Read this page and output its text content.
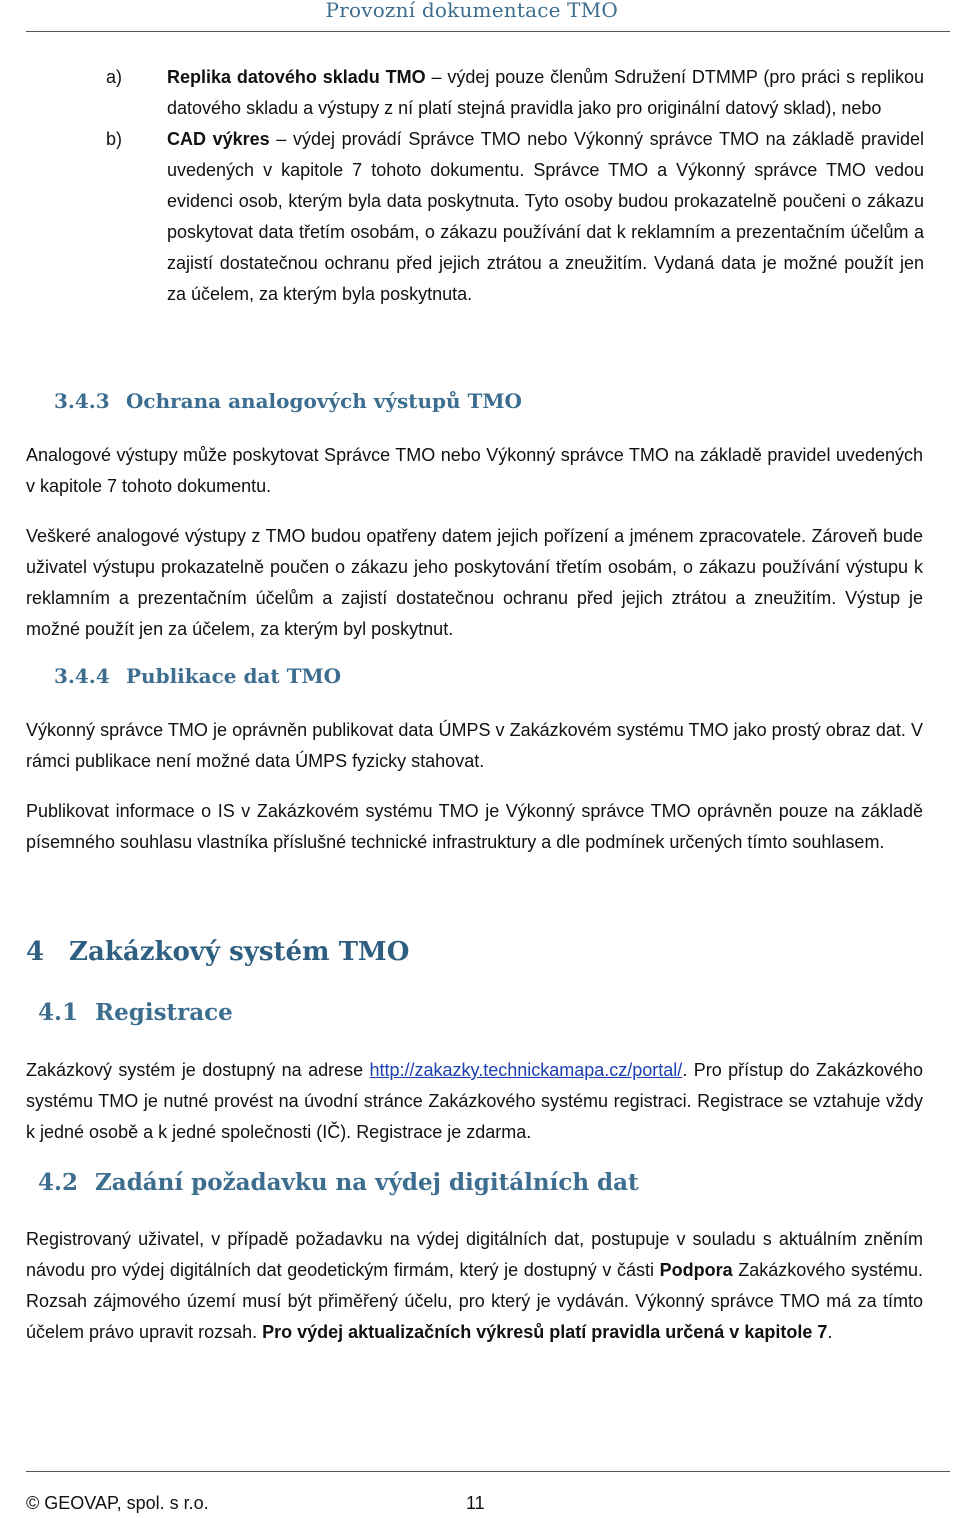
Provozní dokumentace TMO
a) Replika datového skladu TMO – výdej pouze členům Sdružení DTMMP (pro práci s replikou datového skladu a výstupy z ní platí stejná pravidla jako pro originální datový sklad), nebo
b) CAD výkres – výdej provádí Správce TMO nebo Výkonný správce TMO na základě pravidel uvedených v kapitole 7 tohoto dokumentu. Správce TMO a Výkonný správce TMO vedou evidenci osob, kterým byla data poskytnuta. Tyto osoby budou prokazatelně poučeni o zákazu poskytovat data třetím osobám, o zákazu používání dat k reklamním a prezentačním účelům a zajistí dostatečnou ochranu před jejich ztrátou a zneužitím. Vydaná data je možné použít jen za účelem, za kterým byla poskytnuta.
3.4.3 Ochrana analogových výstupů TMO
Analogové výstupy může poskytovat Správce TMO nebo Výkonný správce TMO na základě pravidel uvedených v kapitole 7 tohoto dokumentu.
Veškeré analogové výstupy z TMO budou opatřeny datem jejich pořízení a jménem zpracovatele. Zároveň bude uživatel výstupu prokazatelně poučen o zákazu jeho poskytování třetím osobám, o zákazu používání výstupu k reklamním a prezentačním účelům a zajistí dostatečnou ochranu před jejich ztrátou a zneužitím. Výstup je možné použít jen za účelem, za kterým byl poskytnut.
3.4.4 Publikace dat TMO
Výkonný správce TMO je oprávněn publikovat data ÚMPS v Zakázkovém systému TMO jako prostý obraz dat. V rámci publikace není možné data ÚMPS fyzicky stahovat.
Publikovat informace o IS v Zakázkovém systému TMO je Výkonný správce TMO oprávněn pouze na základě písemného souhlasu vlastníka příslušné technické infrastruktury a dle podmínek určených tímto souhlasem.
4 Zakázkový systém TMO
4.1 Registrace
Zakázkový systém je dostupný na adrese http://zakazky.technickamapa.cz/portal/. Pro přístup do Zakázkového systému TMO je nutné provést na úvodní stránce Zakázkového systému registraci. Registrace se vztahuje vždy k jedné osobě a k jedné společnosti (IČ). Registrace je zdarma.
4.2 Zadání požadavku na výdej digitálních dat
Registrovaný uživatel, v případě požadavku na výdej digitálních dat, postupuje v souladu s aktuálním zněním návodu pro výdej digitálních dat geodetickým firmám, který je dostupný v části Podpora Zakázkového systému. Rozsah zájmového území musí být přiměřený účelu, pro který je vydáván. Výkonný správce TMO má za tímto účelem právo upravit rozsah. Pro výdej aktualizačních výkresů platí pravidla určená v kapitole 7.
© GEOVAP, spol. s r.o.	11
